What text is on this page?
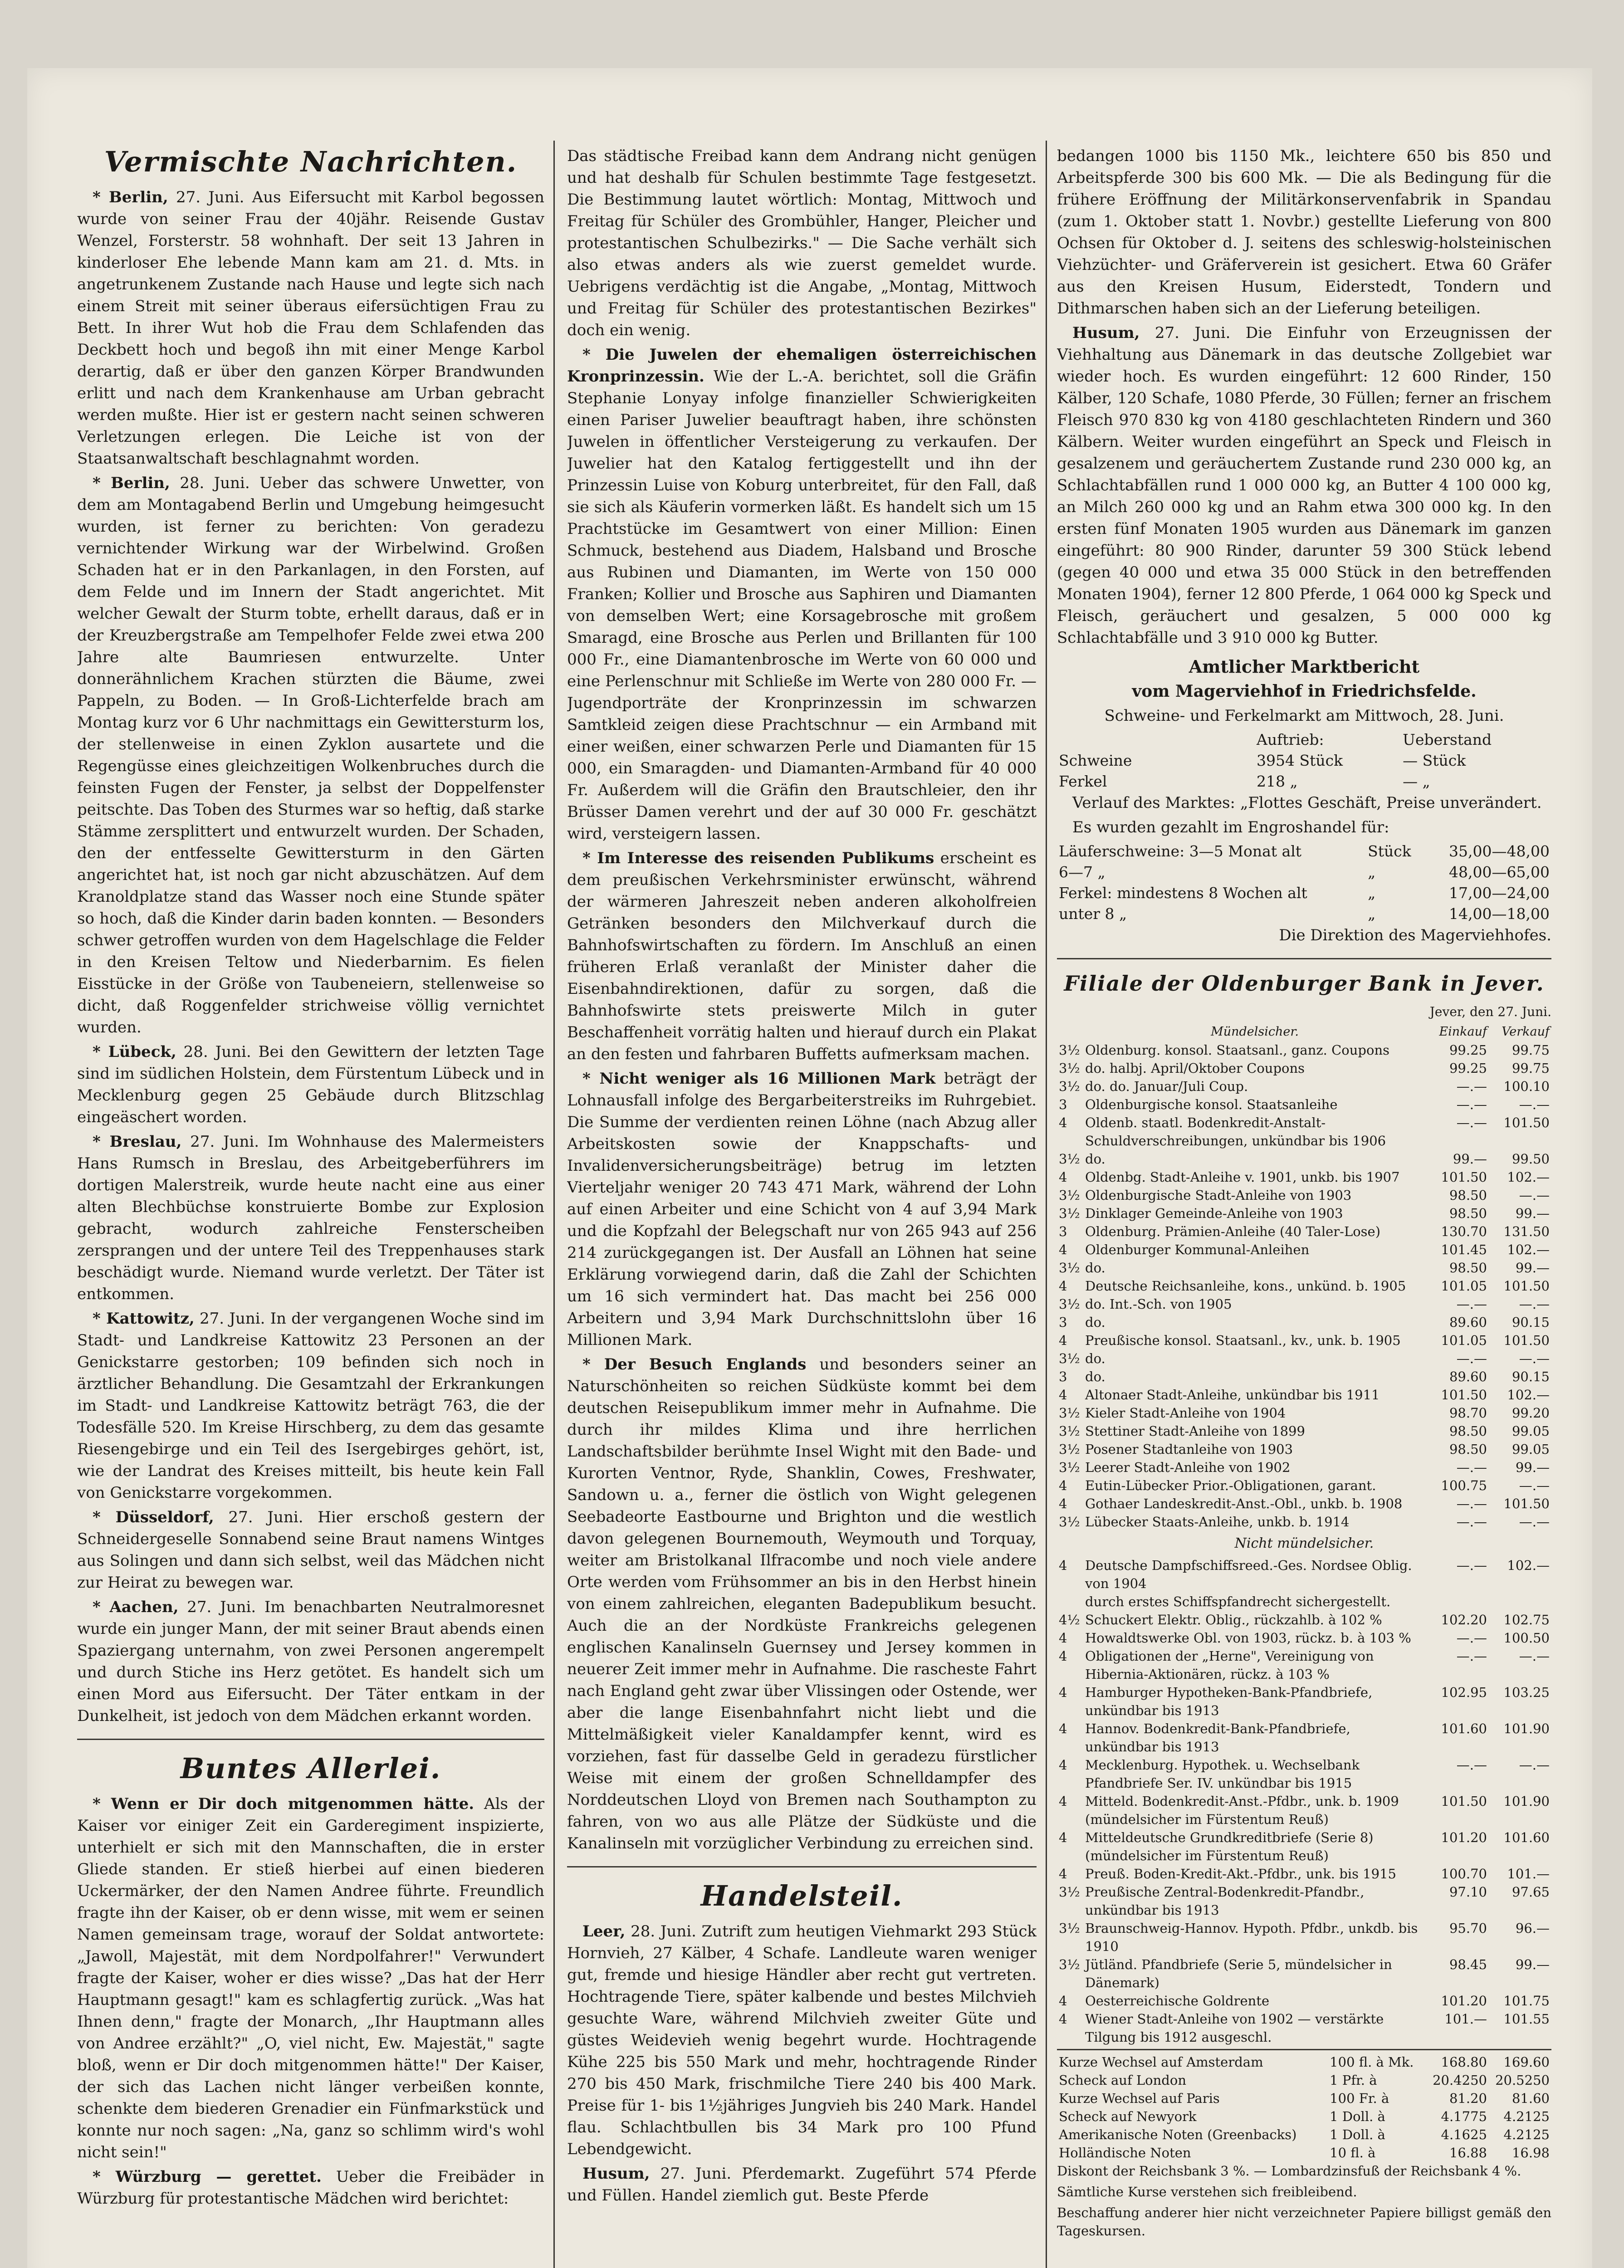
Vermischte Nachrichten.

* Berlin, 27. Juni. Aus Eifersucht mit Karbol begossen wurde von seiner Frau der 40jähr. Reisende Gustav Wenzel, Forsterstr. 58 wohnhaft. Der seit 13 Jahren in kinderloser Ehe lebende Mann kam am 21. d. Mts. in angetrunkenem Zustande nach Hause und legte sich nach einem Streit mit seiner überaus eifersüchtigen Frau zu Bett. In ihrer Wut hob die Frau dem Schlafenden das Deckbett hoch und begoß ihn mit einer Menge Karbol derartig, daß er über den ganzen Körper Brandwunden erlitt und nach dem Krankenhause am Urban gebracht werden mußte. Hier ist er gestern nacht seinen schweren Verletzungen erlegen. Die Leiche ist von der Staatsanwaltschaft beschlagnahmt worden.

* Berlin, 28. Juni. Ueber das schwere Unwetter, von dem am Montagabend Berlin und Umgebung heimgesucht wurden, ist ferner zu berichten: Von geradezu vernichtender Wirkung war der Wirbelwind. Großen Schaden hat er in den Parkanlagen, in den Forsten, auf dem Felde und im Innern der Stadt angerichtet. Mit welcher Gewalt der Sturm tobte, erhellt daraus, daß er in der Kreuzbergstraße am Tempelhofer Felde zwei etwa 200 Jahre alte Baumriesen entwurzelte. Unter donnerähnlichem Krachen stürzten die Bäume, zwei Pappeln, zu Boden. — In Groß-Lichterfelde brach am Montag kurz vor 6 Uhr nachmittags ein Gewittersturm los, der stellenweise in einen Zyklon ausartete und die Regengüsse eines gleichzeitigen Wolkenbruches durch die feinsten Fugen der Fenster, ja selbst der Doppelfenster peitschte. Das Toben des Sturmes war so heftig, daß starke Stämme zersplittert und entwurzelt wurden. Der Schaden, den der entfesselte Gewittersturm in den Gärten angerichtet hat, ist noch gar nicht abzuschätzen. Auf dem Kranoldplatze stand das Wasser noch eine Stunde später so hoch, daß die Kinder darin baden konnten. — Besonders schwer getroffen wurden von dem Hagelschlage die Felder in den Kreisen Teltow und Niederbarnim. Es fielen Eisstücke in der Größe von Taubeneiern, stellenweise so dicht, daß Roggenfelder strichweise völlig vernichtet wurden.

* Lübeck, 28. Juni. Bei den Gewittern der letzten Tage sind im südlichen Holstein, dem Fürstentum Lübeck und in Mecklenburg gegen 25 Gebäude durch Blitzschlag eingeäschert worden.

* Breslau, 27. Juni. Im Wohnhause des Malermeisters Hans Rumsch in Breslau, des Arbeitgeberführers im dortigen Malerstreik, wurde heute nacht eine aus einer alten Blechbüchse konstruierte Bombe zur Explosion gebracht, wodurch zahlreiche Fensterscheiben zersprangen und der untere Teil des Treppenhauses stark beschädigt wurde. Niemand wurde verletzt. Der Täter ist entkommen.

* Kattowitz, 27. Juni. In der vergangenen Woche sind im Stadt- und Landkreise Kattowitz 23 Personen an der Genickstarre gestorben; 109 befinden sich noch in ärztlicher Behandlung. Die Gesamtzahl der Erkrankungen im Stadt- und Landkreise Kattowitz beträgt 763, die der Todesfälle 520. Im Kreise Hirschberg, zu dem das gesamte Riesengebirge und ein Teil des Isergebirges gehört, ist, wie der Landrat des Kreises mitteilt, bis heute kein Fall von Genickstarre vorgekommen.

* Düsseldorf, 27. Juni. Hier erschoß gestern der Schneidergeselle Sonnabend seine Braut namens Wintges aus Solingen und dann sich selbst, weil das Mädchen nicht zur Heirat zu bewegen war.

* Aachen, 27. Juni. Im benachbarten Neutralmoresnet wurde ein junger Mann, der mit seiner Braut abends einen Spaziergang unternahm, von zwei Personen angerempelt und durch Stiche ins Herz getötet. Es handelt sich um einen Mord aus Eifersucht. Der Täter entkam in der Dunkelheit, ist jedoch von dem Mädchen erkannt worden.

Buntes Allerlei.

* Wenn er Dir doch mitgenommen hätte. Als der Kaiser vor einiger Zeit ein Garderegiment inspizierte, unterhielt er sich mit den Mannschaften, die in erster Gliede standen. Er stieß hierbei auf einen biederen Uckermärker, der den Namen Andree führte. Freundlich fragte ihn der Kaiser, ob er denn wisse, mit wem er seinen Namen gemeinsam trage, worauf der Soldat antwortete: „Jawoll, Majestät, mit dem Nordpolfahrer!" Verwundert fragte der Kaiser, woher er dies wisse? „Das hat der Herr Hauptmann gesagt!" kam es schlagfertig zurück. „Was hat Ihnen denn," fragte der Monarch, „Ihr Hauptmann alles von Andree erzählt?" „O, viel nicht, Ew. Majestät," sagte bloß, wenn er Dir doch mitgenommen hätte!" Der Kaiser, der sich das Lachen nicht länger verbeißen konnte, schenkte dem biederen Grenadier ein Fünfmarkstück und konnte nur noch sagen: „Na, ganz so schlimm wird's wohl nicht sein!"

* Würzburg — gerettet. Ueber die Freibäder in Würzburg für protestantische Mädchen wird berichtet:

Das städtische Freibad kann dem Andrang nicht genügen und hat deshalb für Schulen bestimmte Tage festgesetzt. Die Bestimmung lautet wörtlich: Montag, Mittwoch und Freitag für Schüler des Grombühler, Hanger, Pleicher und protestantischen Schulbezirks." — Die Sache verhält sich also etwas anders als wie zuerst gemeldet wurde. Uebrigens verdächtig ist die Angabe, „Montag, Mittwoch und Freitag für Schüler des protestantischen Bezirkes" doch ein wenig.

* Die Juwelen der ehemaligen österreichischen Kronprinzessin. Wie der L.-A. berichtet, soll die Gräfin Stephanie Lonyay infolge finanzieller Schwierigkeiten einen Pariser Juwelier beauftragt haben, ihre schönsten Juwelen in öffentlicher Versteigerung zu verkaufen. Der Juwelier hat den Katalog fertiggestellt und ihn der Prinzessin Luise von Koburg unterbreitet, für den Fall, daß sie sich als Käuferin vormerken läßt. Es handelt sich um 15 Prachtstücke im Gesamtwert von einer Million: Einen Schmuck, bestehend aus Diadem, Halsband und Brosche aus Rubinen und Diamanten, im Werte von 150 000 Franken; Kollier und Brosche aus Saphiren und Diamanten von demselben Wert; eine Korsagebrosche mit großem Smaragd, eine Brosche aus Perlen und Brillanten für 100 000 Fr., eine Diamantenbrosche im Werte von 60 000 und eine Perlenschnur mit Schließe im Werte von 280 000 Fr. — Jugendporträte der Kronprinzessin im schwarzen Samtkleid zeigen diese Prachtschnur — ein Armband mit einer weißen, einer schwarzen Perle und Diamanten für 15 000, ein Smaragden- und Diamanten-Armband für 40 000 Fr. Außerdem will die Gräfin den Brautschleier, den ihr Brüsser Damen verehrt und der auf 30 000 Fr. geschätzt wird, versteigern lassen.

* Im Interesse des reisenden Publikums erscheint es dem preußischen Verkehrsminister erwünscht, während der wärmeren Jahreszeit neben anderen alkoholfreien Getränken besonders den Milchverkauf durch die Bahnhofswirtschaften zu fördern. Im Anschluß an einen früheren Erlaß veranlaßt der Minister daher die Eisenbahndirektionen, dafür zu sorgen, daß die Bahnhofswirte stets preiswerte Milch in guter Beschaffenheit vorrätig halten und hierauf durch ein Plakat an den festen und fahrbaren Buffetts aufmerksam machen.

* Nicht weniger als 16 Millionen Mark beträgt der Lohnausfall infolge des Bergarbeiterstreiks im Ruhrgebiet. Die Summe der verdienten reinen Löhne (nach Abzug aller Arbeitskosten sowie der Knappschafts- und Invalidenversicherungsbeiträge) betrug im letzten Vierteljahr weniger 20 743 471 Mark, während der Lohn auf einen Arbeiter und eine Schicht von 4 auf 3,94 Mark und die Kopfzahl der Belegschaft nur von 265 943 auf 256 214 zurückgegangen ist. Der Ausfall an Löhnen hat seine Erklärung vorwiegend darin, daß die Zahl der Schichten um 16 sich vermindert hat. Das macht bei 256 000 Arbeitern und 3,94 Mark Durchschnittslohn über 16 Millionen Mark.

* Der Besuch Englands und besonders seiner an Naturschönheiten so reichen Südküste kommt bei dem deutschen Reisepublikum immer mehr in Aufnahme. Die durch ihr mildes Klima und ihre herrlichen Landschaftsbilder berühmte Insel Wight mit den Bade- und Kurorten Ventnor, Ryde, Shanklin, Cowes, Freshwater, Sandown u. a., ferner die östlich von Wight gelegenen Seebadeorte Eastbourne und Brighton und die westlich davon gelegenen Bournemouth, Weymouth und Torquay, weiter am Bristolkanal Ilfracombe und noch viele andere Orte werden vom Frühsommer an bis in den Herbst hinein von einem zahlreichen, eleganten Badepublikum besucht. Auch die an der Nordküste Frankreichs gelegenen englischen Kanalinseln Guernsey und Jersey kommen in neuerer Zeit immer mehr in Aufnahme. Die rascheste Fahrt nach England geht zwar über Vlissingen oder Ostende, wer aber die lange Eisenbahnfahrt nicht liebt und die Mittelmäßigkeit vieler Kanaldampfer kennt, wird es vorziehen, fast für dasselbe Geld in geradezu fürstlicher Weise mit einem der großen Schnelldampfer des Norddeutschen Lloyd von Bremen nach Southampton zu fahren, von wo aus alle Plätze der Südküste und die Kanalinseln mit vorzüglicher Verbindung zu erreichen sind.

Handelsteil.

Leer, 28. Juni. Zutrift zum heutigen Viehmarkt 293 Stück Hornvieh, 27 Kälber, 4 Schafe. Landleute waren weniger gut, fremde und hiesige Händler aber recht gut vertreten. Hochtragende Tiere, später kalbende und bestes Milchvieh gesuchte Ware, während Milchvieh zweiter Güte und güstes Weidevieh wenig begehrt wurde. Hochtragende Kühe 225 bis 550 Mark und mehr, hochtragende Rinder 270 bis 450 Mark, frischmilche Tiere 240 bis 400 Mark. Preise für 1- bis 1½jähriges Jungvieh bis 240 Mark. Handel flau. Schlachtbullen bis 34 Mark pro 100 Pfund Lebendgewicht.

Husum, 27. Juni. Pferdemarkt. Zugeführt 574 Pferde und Füllen. Handel ziemlich gut. Beste Pferde

bedangen 1000 bis 1150 Mk., leichtere 650 bis 850 und Arbeitspferde 300 bis 600 Mk. — Die als Bedingung für die frühere Eröffnung der Militärkonservenfabrik in Spandau (zum 1. Oktober statt 1. Novbr.) gestellte Lieferung von 800 Ochsen für Oktober d. J. seitens des schleswig-holsteinischen Viehzüchter- und Gräferverein ist gesichert. Etwa 60 Gräfer aus den Kreisen Husum, Eiderstedt, Tondern und Dithmarschen haben sich an der Lieferung beteiligen.

Husum, 27. Juni. Die Einfuhr von Erzeugnissen der Viehhaltung aus Dänemark in das deutsche Zollgebiet war wieder hoch. Es wurden eingeführt: 12 600 Rinder, 150 Kälber, 120 Schafe, 1080 Pferde, 30 Füllen; ferner an frischem Fleisch 970 830 kg von 4180 geschlachteten Rindern und 360 Kälbern. Weiter wurden eingeführt an Speck und Fleisch in gesalzenem und geräuchertem Zustande rund 230 000 kg, an Schlachtabfällen rund 1 000 000 kg, an Butter 4 100 000 kg, an Milch 260 000 kg und an Rahm etwa 300 000 kg. In den ersten fünf Monaten 1905 wurden aus Dänemark im ganzen eingeführt: 80 900 Rinder, darunter 59 300 Stück lebend (gegen 40 000 und etwa 35 000 Stück in den betreffenden Monaten 1904), ferner 12 800 Pferde, 1 064 000 kg Speck und Fleisch, geräuchert und gesalzen, 5 000 000 kg Schlachtabfälle und 3 910 000 kg Butter.

Amtlicher Marktbericht

vom Magerviehhof in Friedrichsfelde.

Schweine- und Ferkelmarkt am Mittwoch, 28. Juni.

	Auftrieb:	Ueberstand
Schweine	3954 Stück	— Stück
Ferkel	218 „	— „

Verlauf des Marktes: „Flottes Geschäft, Preise unverändert.

Es wurden gezahlt im Engroshandel für:

Läuferschweine: 3—5 Monat alt	Stück	35,00—48,00
6—7 „	„	48,00—65,00
Ferkel: mindestens 8 Wochen alt	„	17,00—24,00
unter 8 „	„	14,00—18,00

Die Direktion des Magerviehhofes.

Filiale der Oldenburger Bank in Jever.

Jever, den 27. Juni.

	Mündelsicher.	Einkauf	Verkauf
3½	Oldenburg. konsol. Staatsanl., ganz. Coupons	99.25	99.75
3½	do. halbj. April/Oktober Coupons	99.25	99.75
3½	do. do. Januar/Juli Coup.	—.—	100.10
3	Oldenburgische konsol. Staatsanleihe	—.—	—.—
4	Oldenb. staatl. Bodenkredit-Anstalt-Schuldverschreibungen, unkündbar bis 1906	—.—	101.50
3½	do.	99.—	99.50
4	Oldenbg. Stadt-Anleihe v. 1901, unkb. bis 1907	101.50	102.—
3½	Oldenburgische Stadt-Anleihe von 1903	98.50	—.—
3½	Dinklager Gemeinde-Anleihe von 1903	98.50	99.—
3	Oldenburg. Prämien-Anleihe (40 Taler-Lose)	130.70	131.50
4	Oldenburger Kommunal-Anleihen	101.45	102.—
3½	do.	98.50	99.—
4	Deutsche Reichsanleihe, kons., unkünd. b. 1905	101.05	101.50
3½	do. Int.-Sch. von 1905	—.—	—.—
3	do.	89.60	90.15
4	Preußische konsol. Staatsanl., kv., unk. b. 1905	101.05	101.50
3½	do.	—.—	—.—
3	do.	89.60	90.15
4	Altonaer Stadt-Anleihe, unkündbar bis 1911	101.50	102.—
3½	Kieler Stadt-Anleihe von 1904	98.70	99.20
3½	Stettiner Stadt-Anleihe von 1899	98.50	99.05
3½	Posener Stadtanleihe von 1903	98.50	99.05
3½	Leerer Stadt-Anleihe von 1902	—.—	99.—
4	Eutin-Lübecker Prior.-Obligationen, garant.	100.75	—.—
4	Gothaer Landeskredit-Anst.-Obl., unkb. b. 1908	—.—	101.50
3½	Lübecker Staats-Anleihe, unkb. b. 1914	—.—	—.—
Nicht mündelsicher.			
4	Deutsche Dampfschiffsreed.-Ges. Nordsee Oblig. von 1904	—.—	102.—
	durch erstes Schiffspfandrecht sichergestellt.		
4½	Schuckert Elektr. Oblig., rückzahlb. à 102 %	102.20	102.75
4	Howaldtswerke Obl. von 1903, rückz. b. à 103 %	—.—	100.50
4	Obligationen der „Herne", Vereinigung von Hibernia-Aktionären, rückz. à 103 %	—.—	—.—
4	Hamburger Hypotheken-Bank-Pfandbriefe, unkündbar bis 1913	102.95	103.25
4	Hannov. Bodenkredit-Bank-Pfandbriefe, unkündbar bis 1913	101.60	101.90
4	Mecklenburg. Hypothek. u. Wechselbank Pfandbriefe Ser. IV. unkündbar bis 1915	—.—	—.—
4	Mitteld. Bodenkredit-Anst.-Pfdbr., unk. b. 1909 (mündelsicher im Fürstentum Reuß)	101.50	101.90
4	Mitteldeutsche Grundkreditbriefe (Serie 8) (mündelsicher im Fürstentum Reuß)	101.20	101.60
4	Preuß. Boden-Kredit-Akt.-Pfdbr., unk. bis 1915	100.70	101.—
3½	Preußische Zentral-Bodenkredit-Pfandbr., unkündbar bis 1913	97.10	97.65
3½	Braunschweig-Hannov. Hypoth. Pfdbr., unkdb. bis 1910	95.70	96.—
3½	Jütländ. Pfandbriefe (Serie 5, mündelsicher in Dänemark)	98.45	99.—
4	Oesterreichische Goldrente	101.20	101.75
4	Wiener Stadt-Anleihe von 1902 — verstärkte Tilgung bis 1912 ausgeschl.	101.—	101.55
Kurze Wechsel auf Amsterdam	100 fl. à Mk.	168.80	169.60
Scheck auf London	1 Pfr. à	20.4250	20.5250
Kurze Wechsel auf Paris	100 Fr. à	81.20	81.60
Scheck auf Newyork	1 Doll. à	4.1775	4.2125
Amerikanische Noten (Greenbacks)	1 Doll. à	4.1625	4.2125
Holländische Noten	10 fl. à	16.88	16.98

Diskont der Reichsbank 3 %. — Lombardzinsfuß der Reichsbank 4 %.

Sämtliche Kurse verstehen sich freibleibend.

Beschaffung anderer hier nicht verzeichneter Papiere billigst gemäß den Tageskursen.
